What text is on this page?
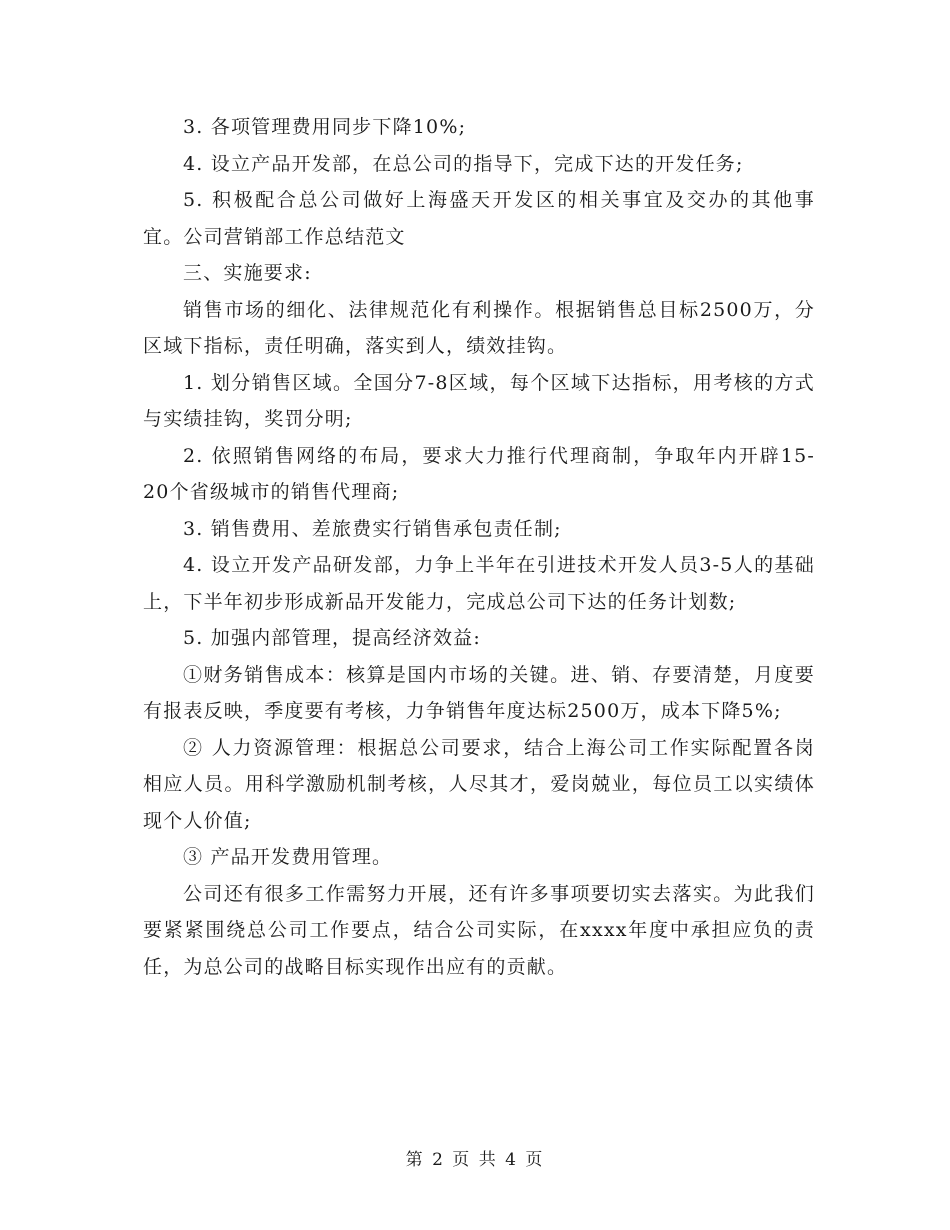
3. 各项管理费用同步下降10%;

4. 设立产品开发部，在总公司的指导下，完成下达的开发任务;

5. 积极配合总公司做好上海盛天开发区的相关事宜及交办的其他事宜。公司营销部工作总结范文

三、实施要求:

销售市场的细化、法律规范化有利操作。根据销售总目标2500万，分区域下指标，责任明确，落实到人，绩效挂钩。

1. 划分销售区域。全国分7-8区域，每个区域下达指标，用考核的方式与实绩挂钩，奖罚分明;

2. 依照销售网络的布局，要求大力推行代理商制，争取年内开辟15-20个省级城市的销售代理商;

3. 销售费用、差旅费实行销售承包责任制;

4. 设立开发产品研发部，力争上半年在引进技术开发人员3-5人的基础上，下半年初步形成新品开发能力，完成总公司下达的任务计划数;

5. 加强内部管理，提高经济效益:

①财务销售成本：核算是国内市场的关键。进、销、存要清楚，月度要有报表反映，季度要有考核，力争销售年度达标2500万，成本下降5%;

② 人力资源管理：根据总公司要求，结合上海公司工作实际配置各岗相应人员。用科学激励机制考核，人尽其才，爱岗兢业，每位员工以实绩体现个人价值;

③ 产品开发费用管理。

公司还有很多工作需努力开展，还有许多事项要切实去落实。为此我们要紧紧围绕总公司工作要点，结合公司实际，在xxxx年度中承担应负的责任，为总公司的战略目标实现作出应有的贡献。

第 2 页 共 4 页
